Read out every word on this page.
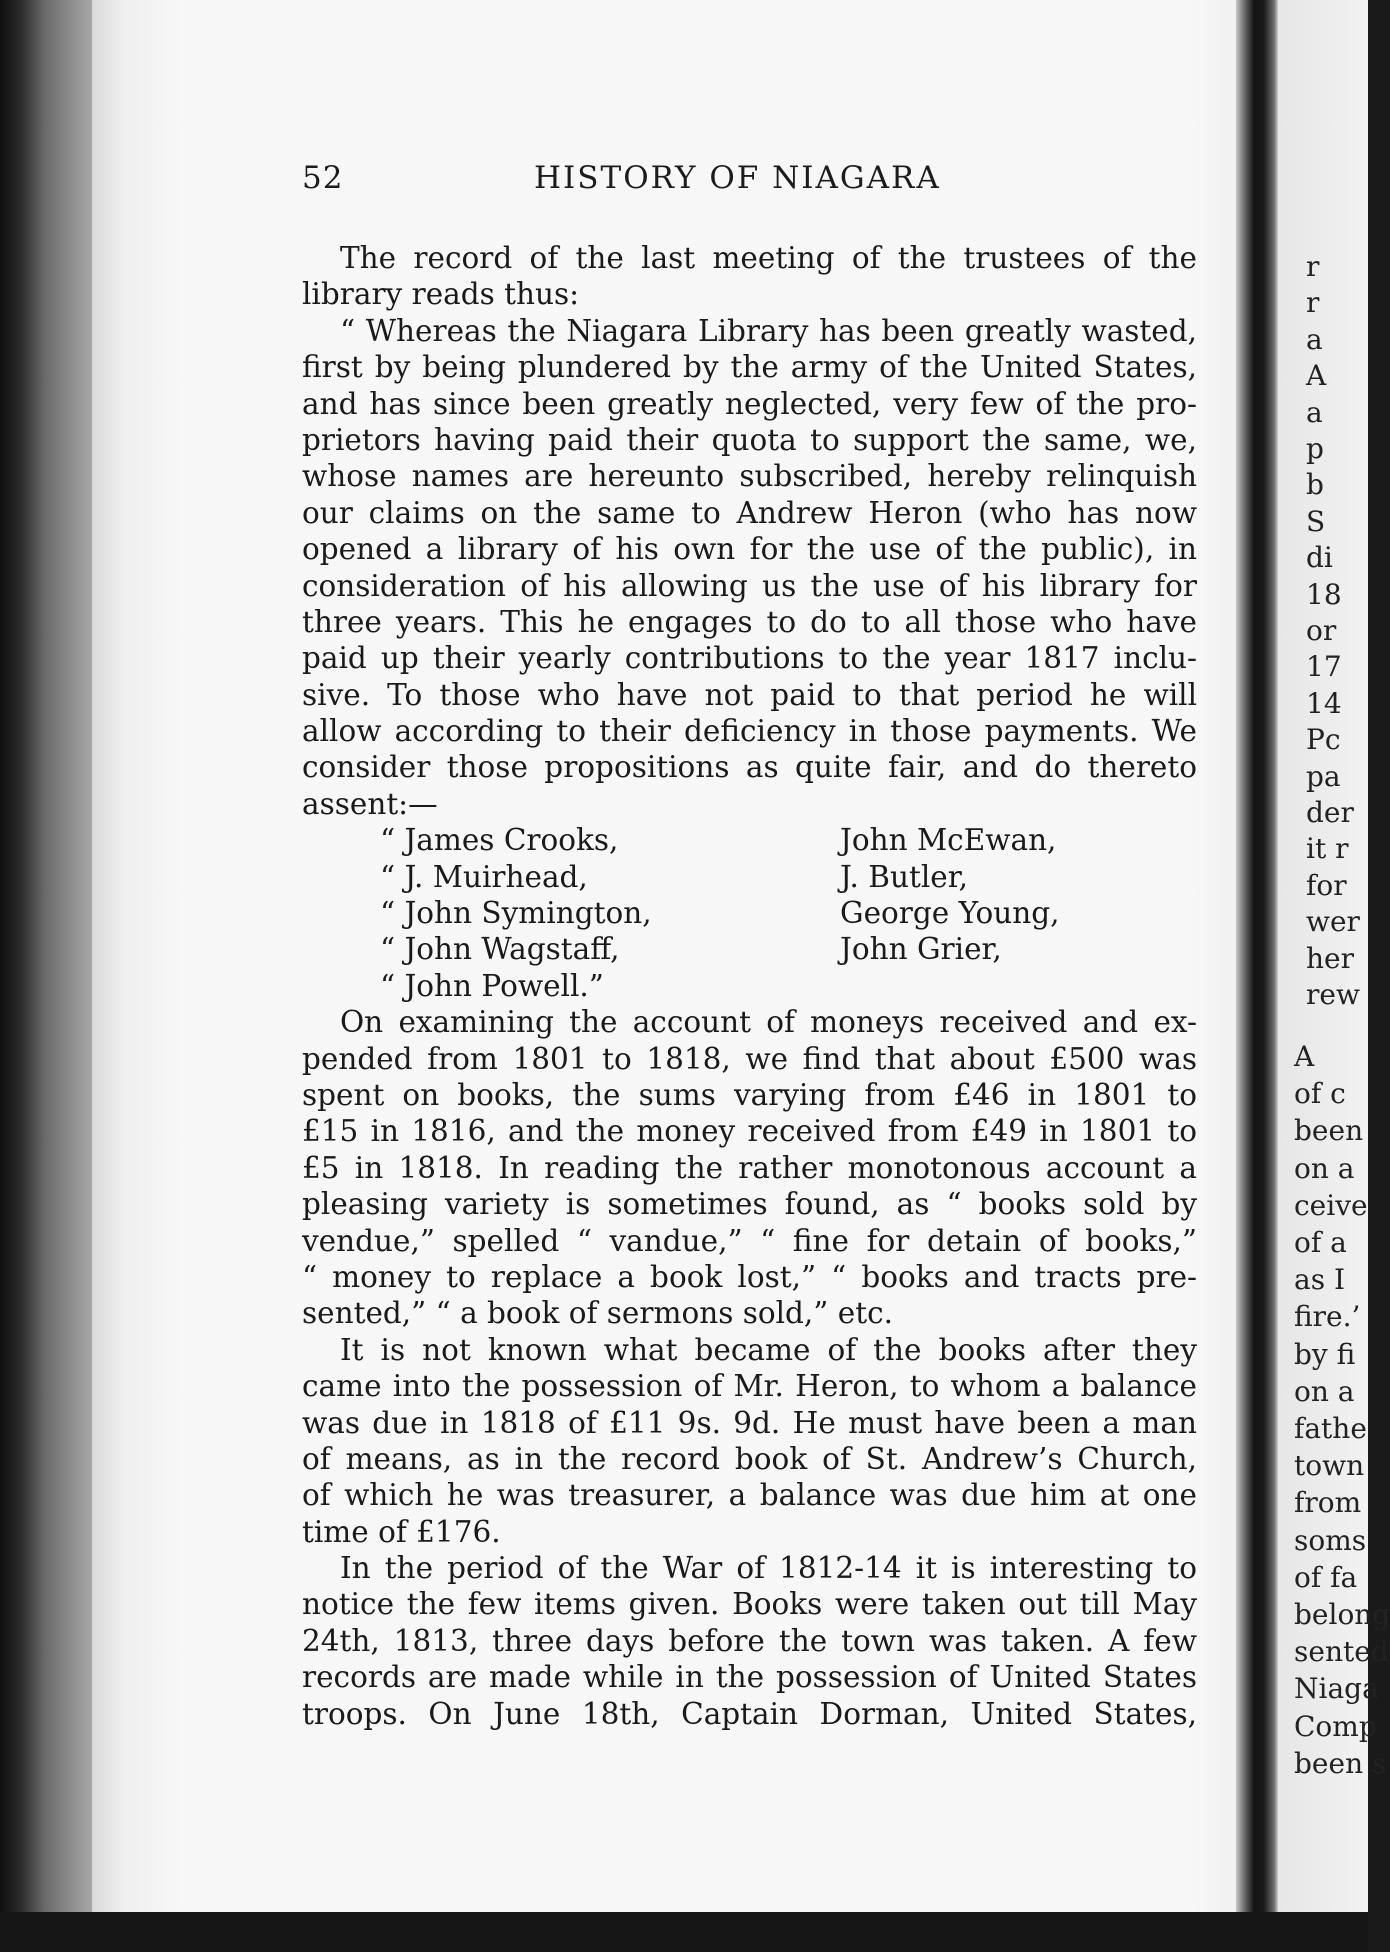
52	HISTORY OF NIAGARA
The record of the last meeting of the trustees of the
library reads thus:
“ Whereas the Niagara Library has been greatly wasted,
first by being plundered by the army of the United States,
and has since been greatly neglected, very few of the pro-
prietors having paid their quota to support the same, we,
whose names are hereunto subscribed, hereby relinquish
our claims on the same to Andrew Heron (who has now
opened a library of his own for the use of the public), in
consideration of his allowing us the use of his library for
three years. This he engages to do to all those who have
paid up their yearly contributions to the year 1817 inclu-
sive. To those who have not paid to that period he will
allow according to their deficiency in those payments. We
consider those propositions as quite fair, and do thereto
assent:—
“ James Crooks,	John McEwan,
“ J. Muirhead,	J. Butler,
“ John Symington,	George Young,
“ John Wagstaff,	John Grier,
“ John Powell.”
On examining the account of moneys received and ex-
pended from 1801 to 1818, we find that about £500 was
spent on books, the sums varying from £46 in 1801 to
£15 in 1816, and the money received from £49 in 1801 to
£5 in 1818. In reading the rather monotonous account a
pleasing variety is sometimes found, as “ books sold by
vendue,” spelled “ vandue,” “ fine for detain of books,”
“ money to replace a book lost,” “ books and tracts pre-
sented,” “ a book of sermons sold,” etc.
It is not known what became of the books after they
came into the possession of Mr. Heron, to whom a balance
was due in 1818 of £11 9s. 9d. He must have been a man
of means, as in the record book of St. Andrew’s Church,
of which he was treasurer, a balance was due him at one
time of £176.
In the period of the War of 1812-14 it is interesting to
notice the few items given. Books were taken out till May
24th, 1813, three days before the town was taken. A few
records are made while in the possession of United States
troops. On June 18th, Captain Dorman, United States,
r
r
a
A
a
p
b
S
di
18
or
17
14
Pc
pa
der
it r
for
wer
her
rew
A
of c
been
on a
ceive
of a
as I
fire.’
by fi
on a
fathe
town
from
soms
of fa
belong
sented
Niaga
Comp
been s
